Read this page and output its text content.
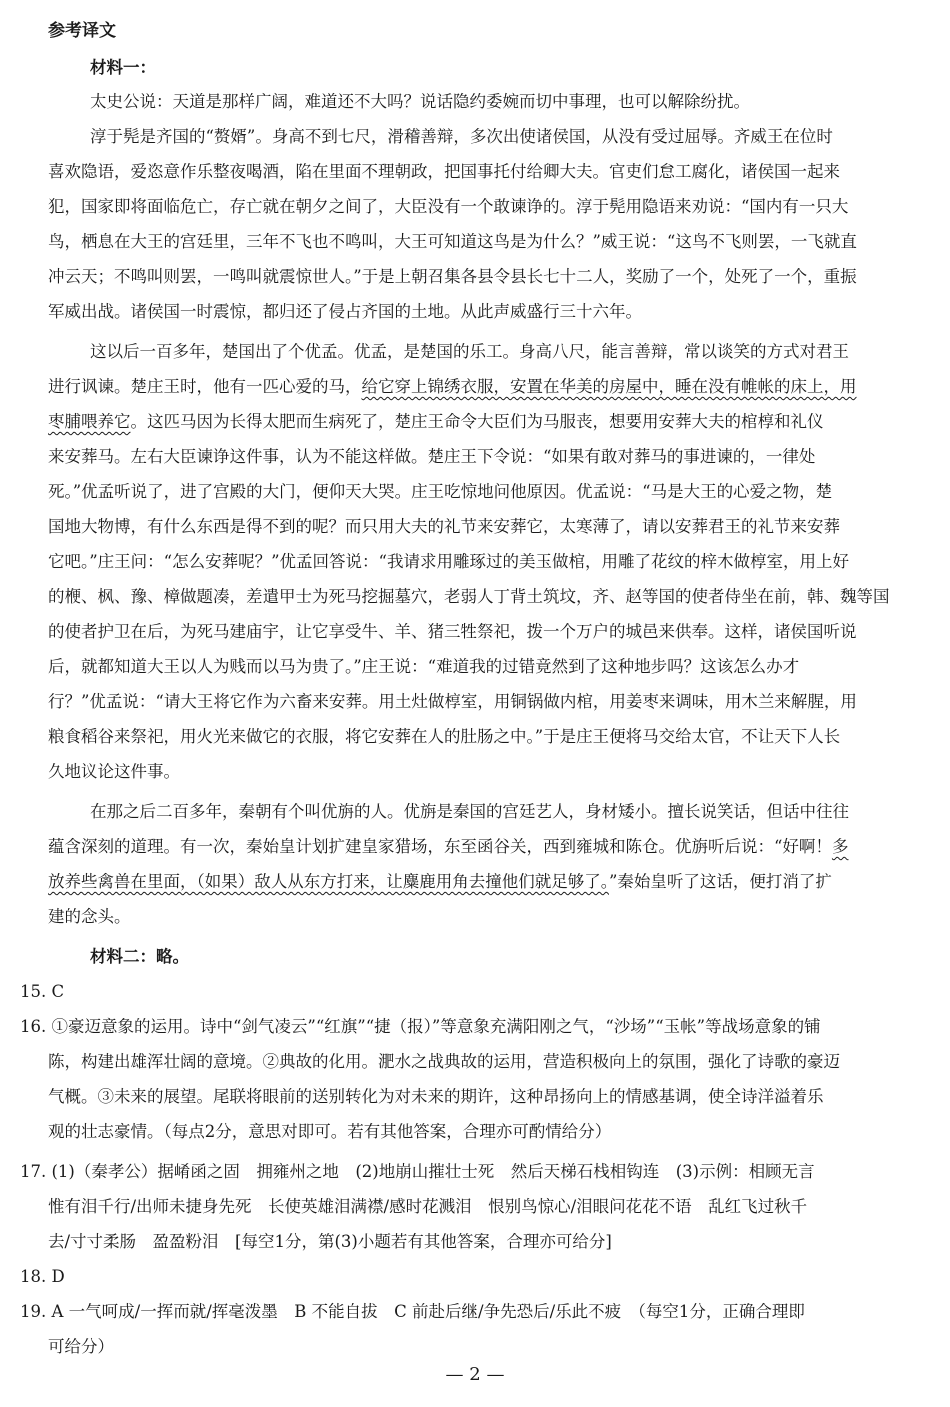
参考译文
材料一：
太史公说：天道是那样广阔，难道还不大吗？说话隐约委婉而切中事理，也可以解除纷扰。
淳于髡是齐国的“赘婿”。身高不到七尺，滑稽善辩，多次出使诸侯国，从没有受过屈辱。齐威王在位时
喜欢隐语，爱恣意作乐整夜喝酒，陷在里面不理朝政，把国事托付给卿大夫。官吏们怠工腐化，诸侯国一起来
犯，国家即将面临危亡，存亡就在朝夕之间了，大臣没有一个敢谏诤的。淳于髡用隐语来劝说：“国内有一只大
鸟，栖息在大王的宫廷里，三年不飞也不鸣叫，大王可知道这鸟是为什么？”威王说：“这鸟不飞则罢，一飞就直
冲云天；不鸣叫则罢，一鸣叫就震惊世人。”于是上朝召集各县令县长七十二人，奖励了一个，处死了一个，重振
军威出战。诸侯国一时震惊，都归还了侵占齐国的土地。从此声威盛行三十六年。
这以后一百多年，楚国出了个优孟。优孟，是楚国的乐工。身高八尺，能言善辩，常以谈笑的方式对君王
进行讽谏。楚庄王时，他有一匹心爱的马，给它穿上锦绣衣服，安置在华美的房屋中，睡在没有帷帐的床上，用
枣脯喂养它。这匹马因为长得太肥而生病死了，楚庄王命令大臣们为马服丧，想要用安葬大夫的棺椁和礼仪
来安葬马。左右大臣谏诤这件事，认为不能这样做。楚庄王下令说：“如果有敢对葬马的事进谏的，一律处
死。”优孟听说了，进了宫殿的大门，便仰天大哭。庄王吃惊地问他原因。优孟说：“马是大王的心爱之物，楚
国地大物博，有什么东西是得不到的呢？而只用大夫的礼节来安葬它，太寒薄了，请以安葬君王的礼节来安葬
它吧。”庄王问：“怎么安葬呢？”优孟回答说：“我请求用雕琢过的美玉做棺，用雕了花纹的梓木做椁室，用上好
的楩、枫、豫、樟做题凑，差遣甲士为死马挖掘墓穴，老弱人丁背土筑坟，齐、赵等国的使者侍坐在前，韩、魏等国
的使者护卫在后，为死马建庙宇，让它享受牛、羊、猪三牲祭祀，拨一个万户的城邑来供奉。这样，诸侯国听说
后，就都知道大王以人为贱而以马为贵了。”庄王说：“难道我的过错竟然到了这种地步吗？这该怎么办才
行？”优孟说：“请大王将它作为六畜来安葬。用土灶做椁室，用铜锅做内棺，用姜枣来调味，用木兰来解腥，用
粮食稻谷来祭祀，用火光来做它的衣服，将它安葬在人的肚肠之中。”于是庄王便将马交给太官，不让天下人长
久地议论这件事。
在那之后二百多年，秦朝有个叫优旃的人。优旃是秦国的宫廷艺人，身材矮小。擅长说笑话，但话中往往
蕴含深刻的道理。有一次，秦始皇计划扩建皇家猎场，东至函谷关，西到雍城和陈仓。优旃听后说：“好啊！多
放养些禽兽在里面，（如果）敌人从东方打来，让麋鹿用角去撞他们就足够了。”秦始皇听了这话，便打消了扩
建的念头。
材料二：略。
15. C
16. ①豪迈意象的运用。诗中“剑气凌云”“红旗”“捷（报）”等意象充满阳刚之气，“沙场”“玉帐”等战场意象的铺
陈，构建出雄浑壮阔的意境。②典故的化用。淝水之战典故的运用，营造积极向上的氛围，强化了诗歌的豪迈
气概。③未来的展望。尾联将眼前的送别转化为对未来的期许，这种昂扬向上的情感基调，使全诗洋溢着乐
观的壮志豪情。（每点2分，意思对即可。若有其他答案，合理亦可酌情给分）
17. (1)（秦孝公）据崤函之固　拥雍州之地　(2)地崩山摧壮士死　然后天梯石栈相钩连　(3)示例：相顾无言
惟有泪千行/出师未捷身先死　长使英雄泪满襟/感时花溅泪　恨别鸟惊心/泪眼问花花不语　乱红飞过秋千
去/寸寸柔肠　盈盈粉泪　[每空1分，第(3)小题若有其他答案，合理亦可给分]
18. D
19. A 一气呵成/一挥而就/挥毫泼墨　B 不能自拔　C 前赴后继/争先恐后/乐此不疲　（每空1分，正确合理即
可给分）
— 2 —
